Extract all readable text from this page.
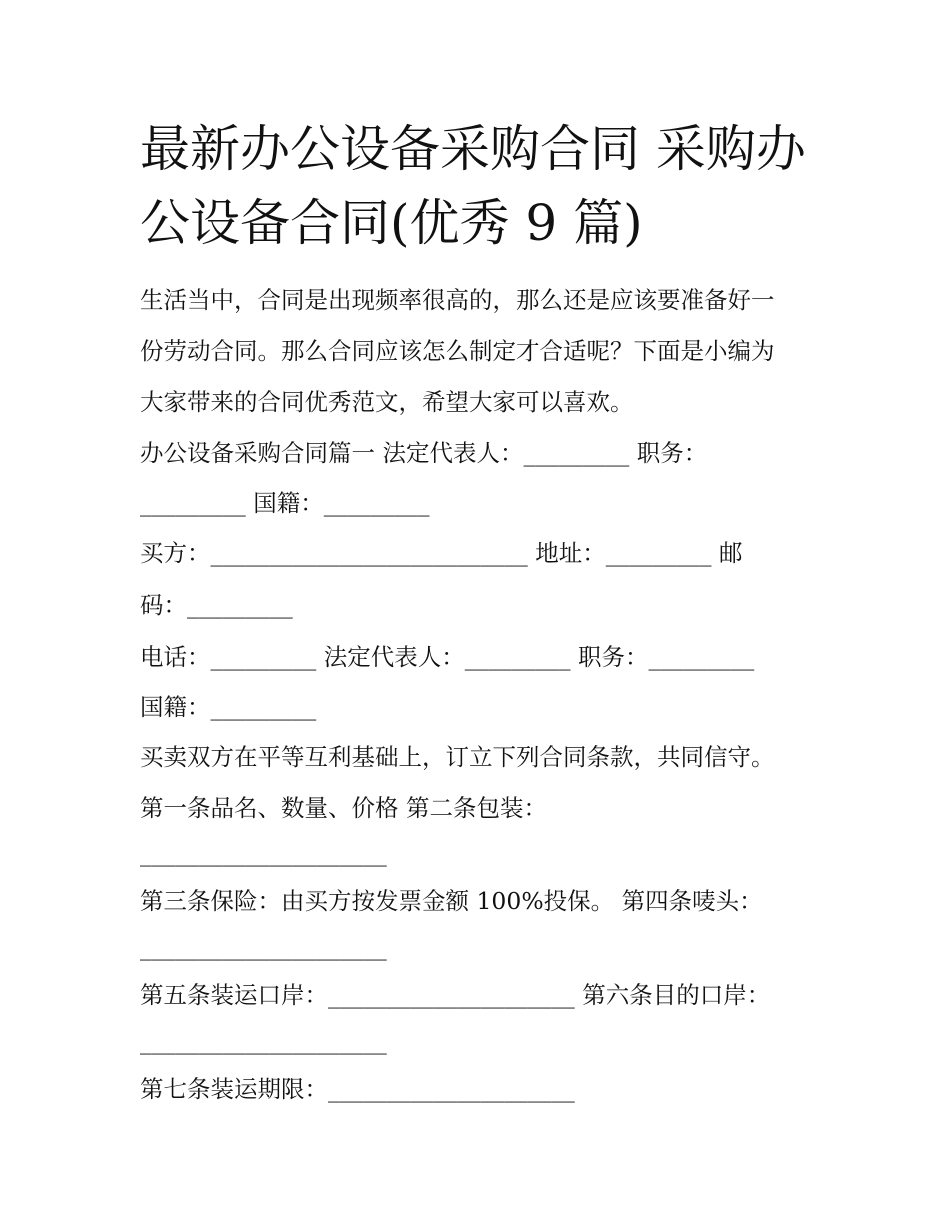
最新办公设备采购合同 采购办
公设备合同(优秀 9 篇)
生活当中，合同是出现频率很高的，那么还是应该要准备好一
份劳动合同。那么合同应该怎么制定才合适呢？下面是小编为
大家带来的合同优秀范文，希望大家可以喜欢。
办公设备采购合同篇一 法定代表人：_________ 职务：
_________ 国籍：_________
买方：___________________________ 地址：_________ 邮
码：_________
电话：_________ 法定代表人：_________ 职务：_________
国籍：_________
买卖双方在平等互利基础上，订立下列合同条款，共同信守。
第一条品名、数量、价格 第二条包装：
_____________________
第三条保险：由买方按发票金额 100%投保。 第四条唛头：
_____________________
第五条装运口岸：_____________________ 第六条目的口岸：
_____________________
第七条装运期限：_____________________
